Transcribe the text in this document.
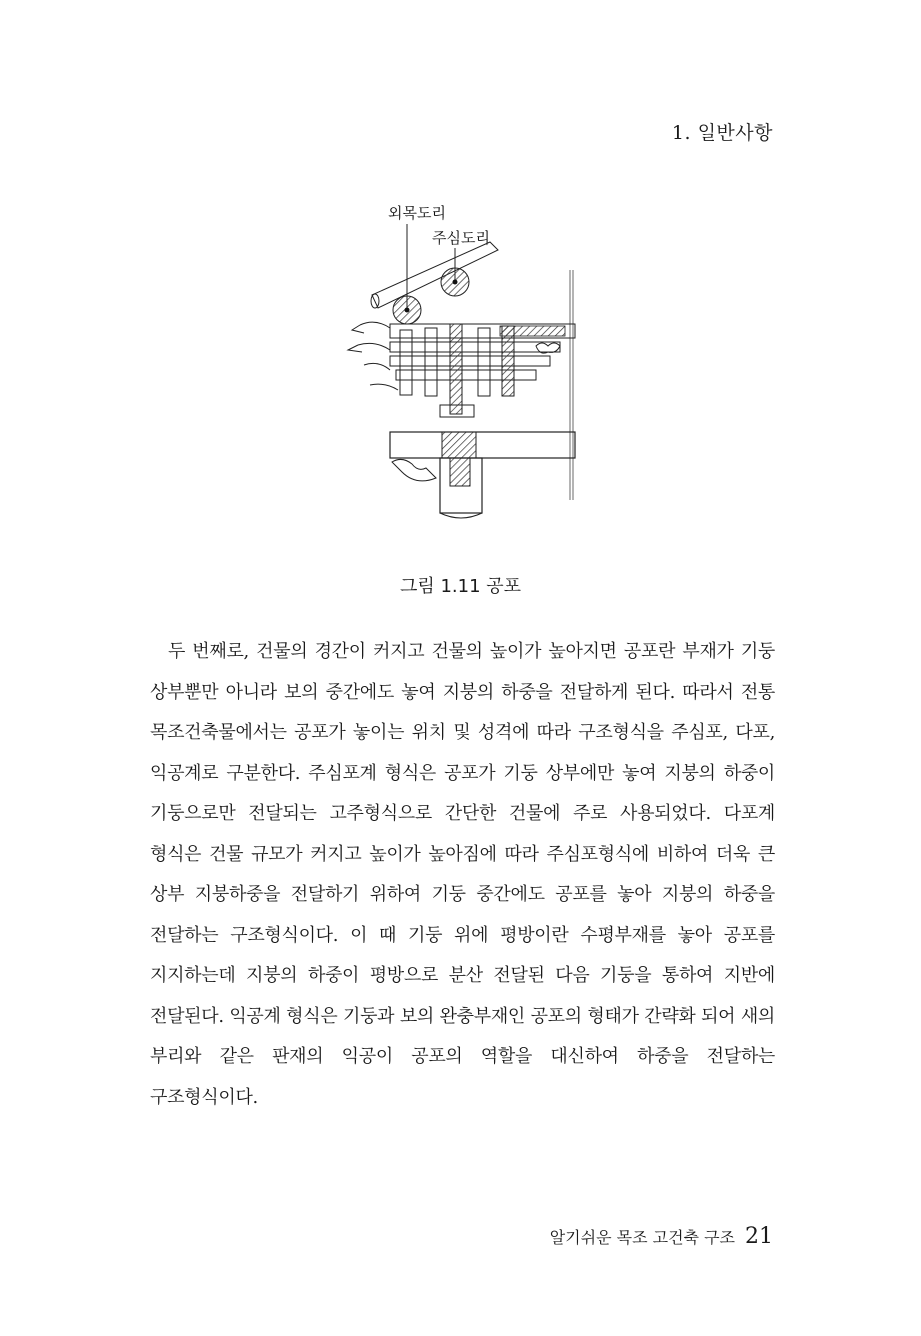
1. 일반사항
외목도리
주심도리
그림 1.11 공포

두 번째로, 건물의 경간이 커지고 건물의 높이가 높아지면 공포란 부재가 기둥 상부뿐만 아니라 보의 중간에도 놓여 지붕의 하중을 전달하게 된다. 따라서 전통 목조건축물에서는 공포가 놓이는 위치 및 성격에 따라 구조형식을 주심포, 다포, 익공계로 구분한다. 주심포계 형식은 공포가 기둥 상부에만 놓여 지붕의 하중이 기둥으로만 전달되는 고주형식으로 간단한 건물에 주로 사용되었다. 다포계 형식은 건물 규모가 커지고 높이가 높아짐에 따라 주심포형식에 비하여 더욱 큰 상부 지붕하중을 전달하기 위하여 기둥 중간에도 공포를 놓아 지붕의 하중을 전달하는 구조형식이다. 이 때 기둥 위에 평방이란 수평부재를 놓아 공포를 지지하는데 지붕의 하중이 평방으로 분산 전달된 다음 기둥을 통하여 지반에 전달된다. 익공계 형식은 기둥과 보의 완충부재인 공포의 형태가 간략화 되어 새의 부리와 같은 판재의 익공이 공포의 역할을 대신하여 하중을 전달하는 구조형식이다.

알기쉬운 목조 고건축 구조 21
